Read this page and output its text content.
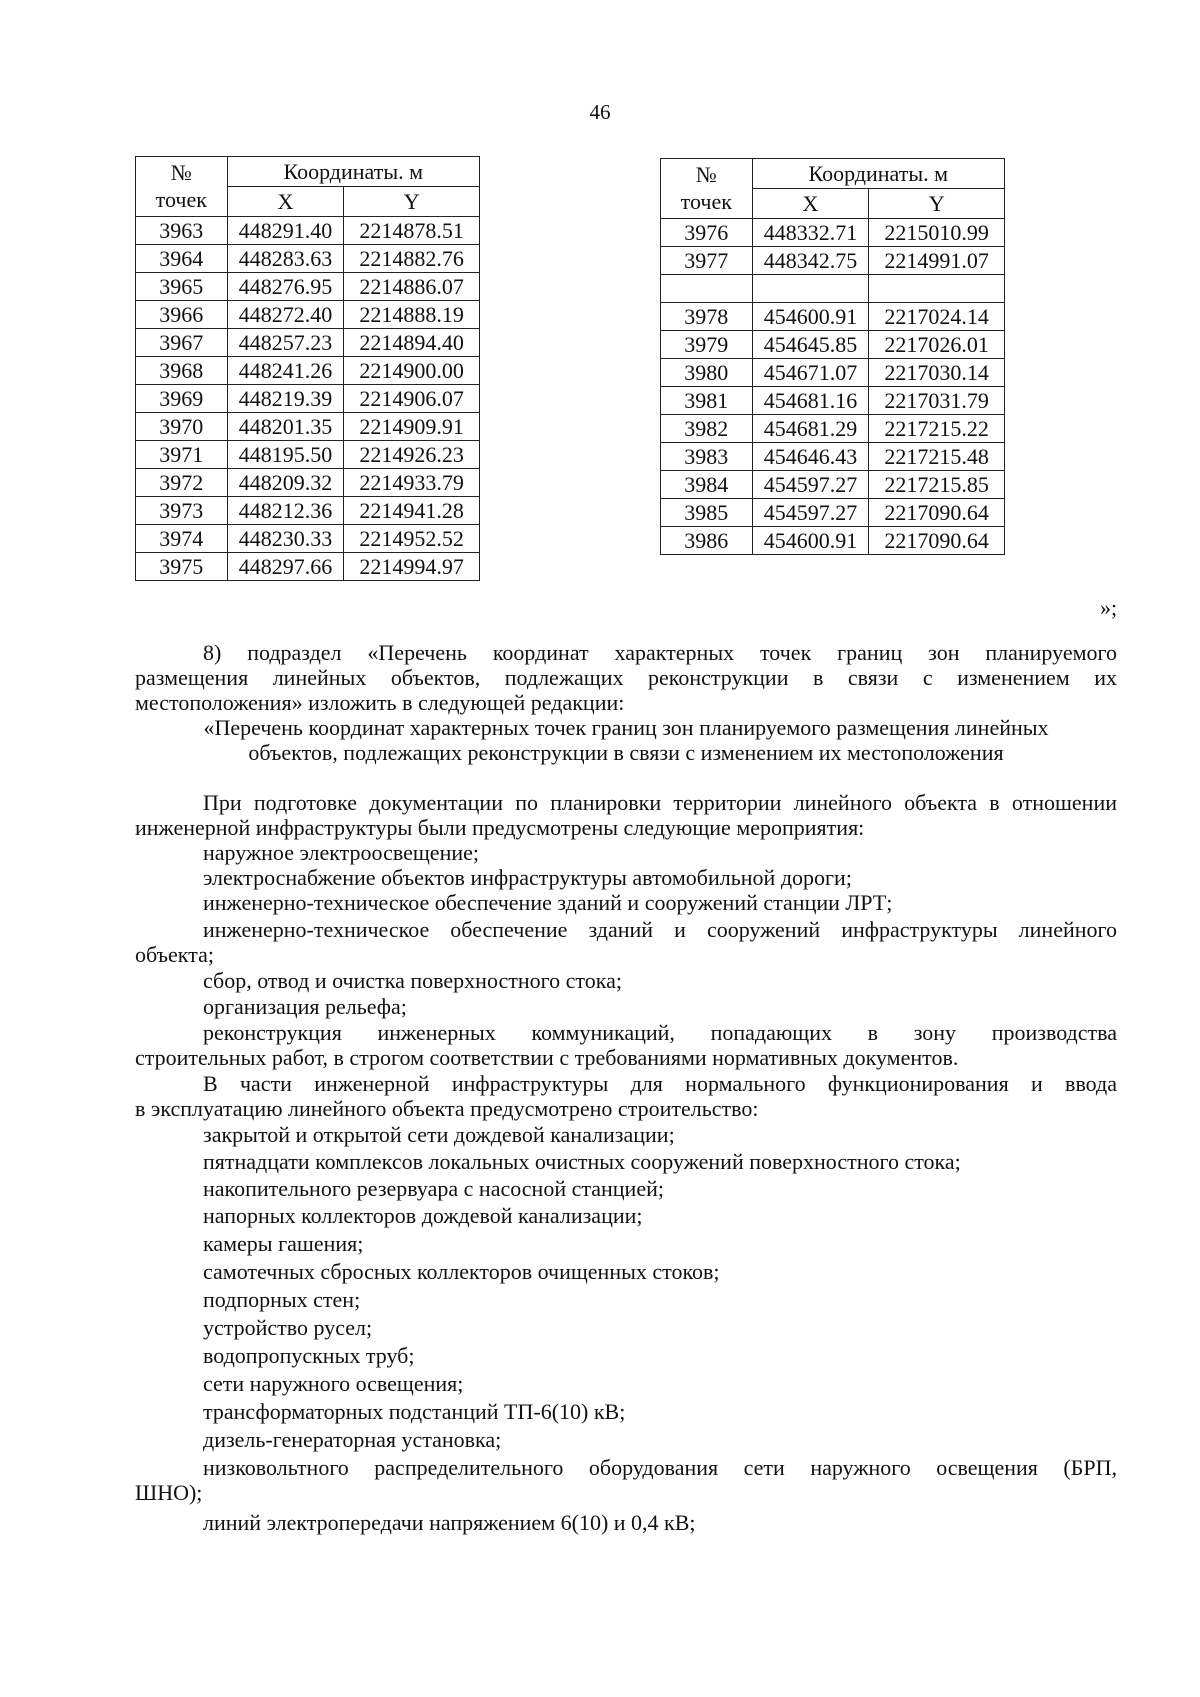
46
№
точек	Координаты. м	
	X	Y
3963	448291.40	2214878.51
3964	448283.63	2214882.76
3965	448276.95	2214886.07
3966	448272.40	2214888.19
3967	448257.23	2214894.40
3968	448241.26	2214900.00
3969	448219.39	2214906.07
3970	448201.35	2214909.91
3971	448195.50	2214926.23
3972	448209.32	2214933.79
3973	448212.36	2214941.28
3974	448230.33	2214952.52
3975	448297.66	2214994.97
№
точек	Координаты. м	
	X	Y
3976	448332.71	2215010.99
3977	448342.75	2214991.07

3978	454600.91	2217024.14
3979	454645.85	2217026.01
3980	454671.07	2217030.14
3981	454681.16	2217031.79
3982	454681.29	2217215.22
3983	454646.43	2217215.48
3984	454597.27	2217215.85
3985	454597.27	2217090.64
3986	454600.91	2217090.64
»;
8) подраздел «Перечень координат характерных точек границ зон планируемого
размещения линейных объектов, подлежащих реконструкции в связи с изменением их
местоположения» изложить в следующей редакции:
«Перечень координат характерных точек границ зон планируемого размещения линейных
объектов, подлежащих реконструкции в связи с изменением их местоположения
При подготовке документации по планировки территории линейного объекта в отношении
инженерной инфраструктуры были предусмотрены следующие мероприятия:
наружное электроосвещение;
электроснабжение объектов инфраструктуры автомобильной дороги;
инженерно-техническое обеспечение зданий и сооружений станции ЛРТ;
инженерно-техническое обеспечение зданий и сооружений инфраструктуры линейного
объекта;
сбор, отвод и очистка поверхностного стока;
организация рельефа;
реконструкция инженерных коммуникаций, попадающих в зону производства
строительных работ, в строгом соответствии с требованиями нормативных документов.
В части инженерной инфраструктуры для нормального функционирования и ввода
в эксплуатацию линейного объекта предусмотрено строительство:
закрытой и открытой сети дождевой канализации;
пятнадцати комплексов локальных очистных сооружений поверхностного стока;
накопительного резервуара с насосной станцией;
напорных коллекторов дождевой канализации;
камеры гашения;
самотечных сбросных коллекторов очищенных стоков;
подпорных стен;
устройство русел;
водопропускных труб;
сети наружного освещения;
трансформаторных подстанций ТП-6(10) кВ;
дизель-генераторная установка;
низковольтного распределительного оборудования сети наружного освещения (БРП,
ШНО);
линий электропередачи напряжением 6(10) и 0,4 кВ;
